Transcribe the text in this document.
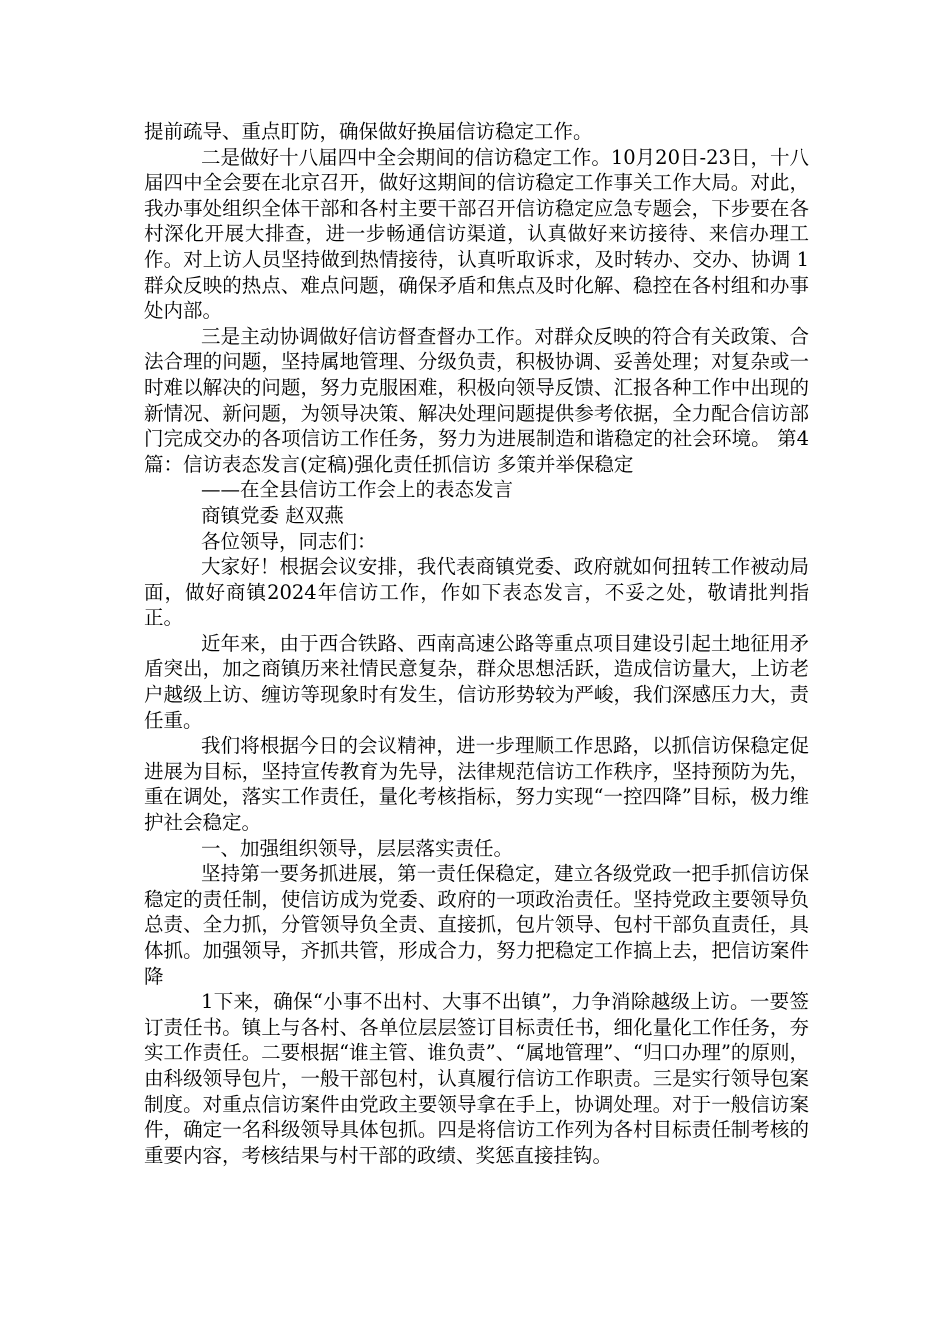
提前疏导、重点盯防，确保做好换届信访稳定工作。

二是做好十八届四中全会期间的信访稳定工作。10月20日-23日，十八届四中全会要在北京召开，做好这期间的信访稳定工作事关工作大局。对此，我办事处组织全体干部和各村主要干部召开信访稳定应急专题会，下步要在各村深化开展大排查，进一步畅通信访渠道，认真做好来访接待、来信办理工作。对上访人员坚持做到热情接待，认真听取诉求，及时转办、交办、协调 1 群众反映的热点、难点问题，确保矛盾和焦点及时化解、稳控在各村组和办事处内部。

三是主动协调做好信访督查督办工作。对群众反映的符合有关政策、合法合理的问题，坚持属地管理、分级负责，积极协调、妥善处理；对复杂或一时难以解决的问题，努力克服困难，积极向领导反馈、汇报各种工作中出现的新情况、新问题，为领导决策、解决处理问题提供参考依据，全力配合信访部门完成交办的各项信访工作任务，努力为进展制造和谐稳定的社会环境。 第4篇：信访表态发言(定稿)强化责任抓信访 多策并举保稳定

——在全县信访工作会上的表态发言

商镇党委 赵双燕

各位领导，同志们：

大家好！根据会议安排，我代表商镇党委、政府就如何扭转工作被动局面，做好商镇2024年信访工作，作如下表态发言，不妥之处，敬请批判指正。

近年来，由于西合铁路、西南高速公路等重点项目建设引起土地征用矛盾突出，加之商镇历来社情民意复杂，群众思想活跃，造成信访量大，上访老户越级上访、缠访等现象时有发生，信访形势较为严峻，我们深感压力大，责任重。

我们将根据今日的会议精神，进一步理顺工作思路，以抓信访保稳定促进展为目标，坚持宣传教育为先导，法律规范信访工作秩序，坚持预防为先，重在调处，落实工作责任，量化考核指标，努力实现“一控四降”目标，极力维护社会稳定。

一、加强组织领导，层层落实责任。

坚持第一要务抓进展，第一责任保稳定，建立各级党政一把手抓信访保稳定的责任制，使信访成为党委、政府的一项政治责任。坚持党政主要领导负总责、全力抓，分管领导负全责、直接抓，包片领导、包村干部负直责任，具体抓。加强领导，齐抓共管，形成合力，努力把稳定工作搞上去，把信访案件降

1下来，确保“小事不出村、大事不出镇”，力争消除越级上访。一要签订责任书。镇上与各村、各单位层层签订目标责任书，细化量化工作任务，夯实工作责任。二要根据“谁主管、谁负责”、“属地管理”、“归口办理”的原则，由科级领导包片，一般干部包村，认真履行信访工作职责。三是实行领导包案制度。对重点信访案件由党政主要领导拿在手上，协调处理。对于一般信访案件，确定一名科级领导具体包抓。四是将信访工作列为各村目标责任制考核的重要内容，考核结果与村干部的政绩、奖惩直接挂钩。
